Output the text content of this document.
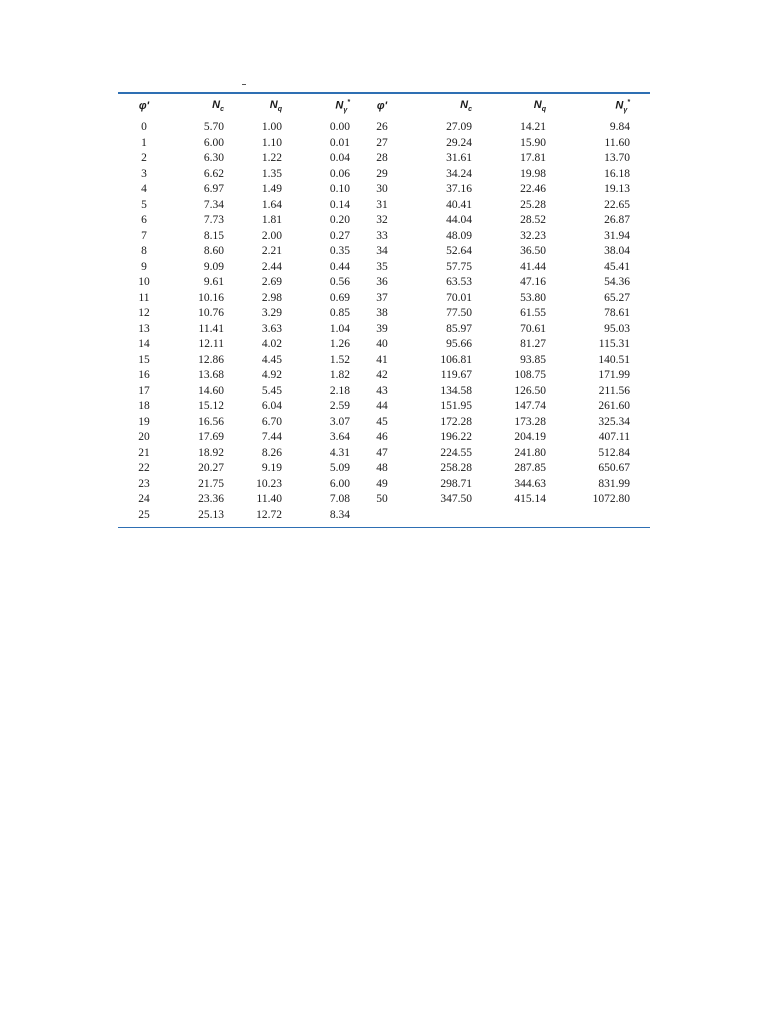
φ'	$N_c$	$N_q$	$N_\gamma^*$	φ'	$N_c$	$N_q$	$N_\gamma^*$
0	5.70	1.00	0.00	26	27.09	14.21	9.84
1	6.00	1.10	0.01	27	29.24	15.90	11.60
2	6.30	1.22	0.04	28	31.61	17.81	13.70
3	6.62	1.35	0.06	29	34.24	19.98	16.18
4	6.97	1.49	0.10	30	37.16	22.46	19.13
5	7.34	1.64	0.14	31	40.41	25.28	22.65
6	7.73	1.81	0.20	32	44.04	28.52	26.87
7	8.15	2.00	0.27	33	48.09	32.23	31.94
8	8.60	2.21	0.35	34	52.64	36.50	38.04
9	9.09	2.44	0.44	35	57.75	41.44	45.41
10	9.61	2.69	0.56	36	63.53	47.16	54.36
11	10.16	2.98	0.69	37	70.01	53.80	65.27
12	10.76	3.29	0.85	38	77.50	61.55	78.61
13	11.41	3.63	1.04	39	85.97	70.61	95.03
14	12.11	4.02	1.26	40	95.66	81.27	115.31
15	12.86	4.45	1.52	41	106.81	93.85	140.51
16	13.68	4.92	1.82	42	119.67	108.75	171.99
17	14.60	5.45	2.18	43	134.58	126.50	211.56
18	15.12	6.04	2.59	44	151.95	147.74	261.60
19	16.56	6.70	3.07	45	172.28	173.28	325.34
20	17.69	7.44	3.64	46	196.22	204.19	407.11
21	18.92	8.26	4.31	47	224.55	241.80	512.84
22	20.27	9.19	5.09	48	258.28	287.85	650.67
23	21.75	10.23	6.00	49	298.71	344.63	831.99
24	23.36	11.40	7.08	50	347.50	415.14	1072.80
25	25.13	12.72	8.34				
